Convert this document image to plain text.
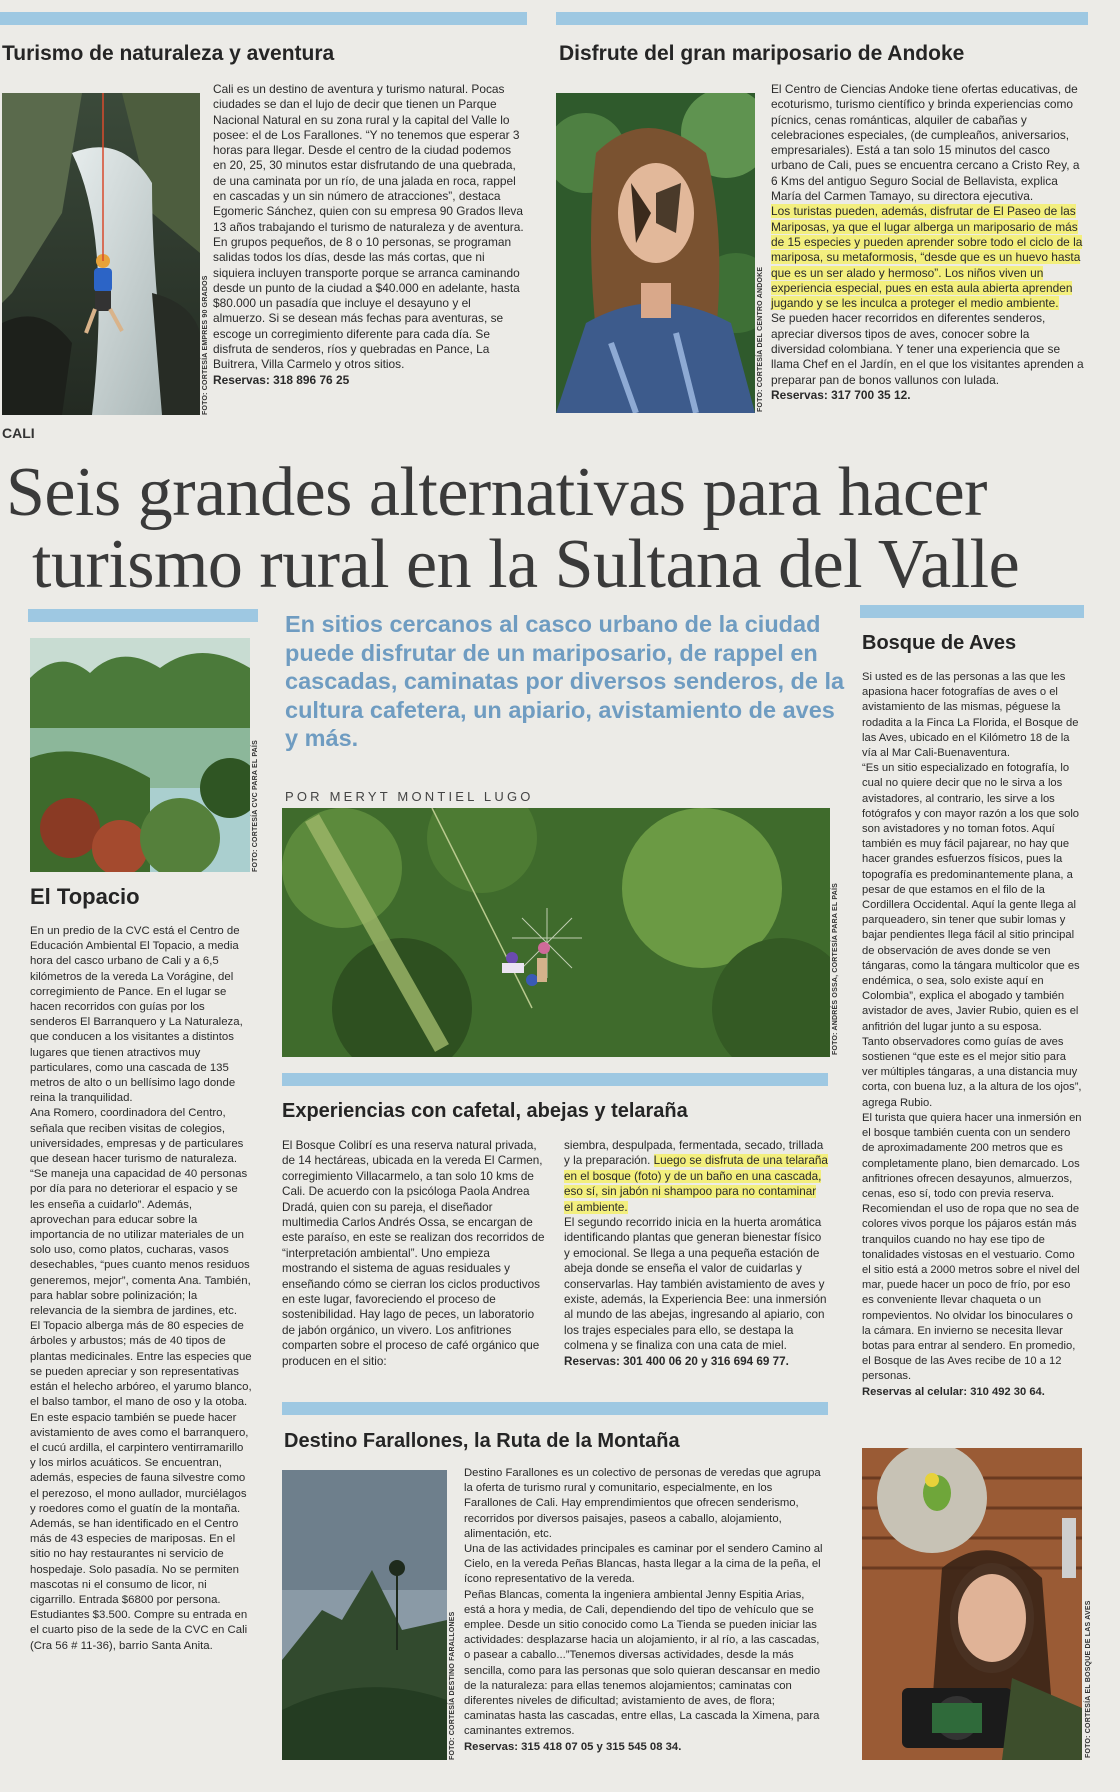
Turismo de naturaleza y aventura
FOTO: CORTESÍA EMPRES 90 GRADOS

Cali es un destino de aventura y turismo natural. Pocas ciudades se dan el lujo de decir que tienen un Parque Nacional Natural en su zona rural y la capital del Valle lo posee: el de Los Farallones. “Y no tenemos que esperar 3 horas para llegar. Desde el centro de la ciudad podemos en 20, 25, 30 minutos estar disfrutando de una quebrada, de una caminata por un río, de una jalada en roca, rappel en cascadas y un sin número de atracciones”, destaca Egomeric Sánchez, quien con su empresa 90 Grados lleva 13 años trabajando el turismo de naturaleza y de aventura.

En grupos pequeños, de 8 o 10 personas, se programan salidas todos los días, desde las más cortas, que ni siquiera incluyen transporte porque se arranca caminando desde un punto de la ciudad a $40.000 en adelante, hasta $80.000 un pasadía que incluye el desayuno y el almuerzo. Si se desean más fechas para aventuras, se escoge un corregimiento diferente para cada día. Se disfruta de senderos, ríos y quebradas en Pance, La Buitrera, Villa Carmelo y otros sitios.

Reservas: 318 896 76 25

Disfrute del gran mariposario de Andoke
FOTO: CORTESÍA DEL CENTRO ANDOKE

El Centro de Ciencias Andoke tiene ofertas educativas, de ecoturismo, turismo científico y brinda experiencias como pícnics, cenas románticas, alquiler de cabañas y celebraciones especiales, (de cumpleaños, aniversarios, empresariales). Está a tan solo 15 minutos del casco urbano de Cali, pues se encuentra cercano a Cristo Rey, a 6 Kms del antiguo Seguro Social de Bellavista, explica María del Carmen Tamayo, su directora ejecutiva.

Los turistas pueden, además, disfrutar de El Paseo de las Mariposas, ya que el lugar alberga un mariposario de más de 15 especies y pueden aprender sobre todo el ciclo de la mariposa, su metaformosis, “desde que es un huevo hasta que es un ser alado y hermoso”. Los niños viven un experiencia especial, pues en esta aula abierta aprenden jugando y se les inculca a proteger el medio ambiente.

Se pueden hacer recorridos en diferentes senderos, apreciar diversos tipos de aves, conocer sobre la diversidad colombiana. Y tener una experiencia que se llama Chef en el Jardín, en el que los visitantes aprenden a preparar pan de bonos vallunos con lulada.

Reservas: 317 700 35 12.

CALI
Seis grandes alternativas para hacer
turismo rural en la Sultana del Valle
En sitios cercanos al casco urbano de la ciudad puede disfrutar de un mariposario, de rappel en cascadas, caminatas por diversos senderos, de la cultura cafetera, un apiario, avistamiento de aves y más.
POR MERYT MONTIEL LUGO
FOTO: ANDRÉS OSSA, CORTESÍA PARA EL PAÍS
FOTO: CORTESÍA CVC PARA EL PAÍS
El Topacio

En un predio de la CVC está el Centro de Educación Ambiental El Topacio, a media hora del casco urbano de Cali y a 6,5 kilómetros de la vereda La Vorágine, del corregimiento de Pance. En el lugar se hacen recorridos con guías por los senderos El Barranquero y La Naturaleza, que conducen a los visitantes a distintos lugares que tienen atractivos muy particulares, como una cascada de 135 metros de alto o un bellísimo lago donde reina la tranquilidad.

Ana Romero, coordinadora del Centro, señala que reciben visitas de colegios, universidades, empresas y de particulares que desean hacer turismo de naturaleza.

“Se maneja una capacidad de 40 personas por día para no deteriorar el espacio y se les enseña a cuidarlo”. Además, aprovechan para educar sobre la importancia de no utilizar materiales de un solo uso, como platos, cucharas, vasos desechables, “pues cuanto menos residuos generemos, mejor”, comenta Ana. También, para hablar sobre polinización; la relevancia de la siembra de jardines, etc.

El Topacio alberga más de 80 especies de árboles y arbustos; más de 40 tipos de plantas medicinales. Entre las especies que se pueden apreciar y son representativas están el helecho arbóreo, el yarumo blanco, el balso tambor, el mano de oso y la otoba.

En este espacio también se puede hacer avistamiento de aves como el barranquero, el cucú ardilla, el carpintero ventirramarillo y los mirlos acuáticos. Se encuentran, además, especies de fauna silvestre como el perezoso, el mono aullador, murciélagos y roedores como el guatín de la montaña.

Además, se han identificado en el Centro más de 43 especies de mariposas. En el sitio no hay restaurantes ni servicio de hospedaje. Solo pasadía. No se permiten mascotas ni el consumo de licor, ni cigarrillo. Entrada $6800 por persona. Estudiantes $3.500. Compre su entrada en el cuarto piso de la sede de la CVC en Cali (Cra 56 # 11-36), barrio Santa Anita.

Experiencias con cafetal, abejas y telaraña

El Bosque Colibrí es una reserva natural privada, de 14 hectáreas, ubicada en la vereda El Carmen, corregimiento Villacarmelo, a tan solo 10 kms de Cali. De acuerdo con la psicóloga Paola Andrea Dradá, quien con su pareja, el diseñador multimedia Carlos Andrés Ossa, se encargan de este paraíso, en este se realizan dos recorridos de “interpretación ambiental”. Uno empieza mostrando el sistema de aguas residuales y enseñando cómo se cierran los ciclos productivos en este lugar, favoreciendo el proceso de sostenibilidad. Hay lago de peces, un laboratorio de jabón orgánico, un vivero. Los anfitriones comparten sobre el proceso de café orgánico que producen en el sitio:

siembra, despulpada, fermentada, secado, trillada y la preparación. Luego se disfruta de una telaraña en el bosque (foto) y de un baño en una cascada, eso sí, sin jabón ni shampoo para no contaminar el ambiente.

El segundo recorrido inicia en la huerta aromática identificando plantas que generan bienestar físico y emocional. Se llega a una pequeña estación de abeja donde se enseña el valor de cuidarlas y conservarlas. Hay también avistamiento de aves y existe, además, la Experiencia Bee: una inmersión al mundo de las abejas, ingresando al apiario, con los trajes especiales para ello, se destapa la colmena y se finaliza con una cata de miel.

Reservas: 301 400 06 20 y 316 694 69 77.

Destino Farallones, la Ruta de la Montaña
FOTO: CORTESÍA DESTINO FARALLONES

Destino Farallones es un colectivo de personas de veredas que agrupa la oferta de turismo rural y comunitario, especialmente, en los Farallones de Cali. Hay emprendimientos que ofrecen senderismo, recorridos por diversos paisajes, paseos a caballo, alojamiento, alimentación, etc.

Una de las actividades principales es caminar por el sendero Camino al Cielo, en la vereda Peñas Blancas, hasta llegar a la cima de la peña, el ícono representativo de la vereda.

Peñas Blancas, comenta la ingeniera ambiental Jenny Espitia Arias, está a hora y media, de Cali, dependiendo del tipo de vehículo que se emplee. Desde un sitio conocido como La Tienda se pueden iniciar las actividades: desplazarse hacia un alojamiento, ir al río, a las cascadas, o pasear a caballo...”Tenemos diversas actividades, desde la más sencilla, como para las personas que solo quieran descansar en medio de la naturaleza: para ellas tenemos alojamientos; caminatas con diferentes niveles de dificultad; avistamiento de aves, de flora; caminatas hasta las cascadas, entre ellas, La cascada la Ximena, para caminantes extremos.

Reservas: 315 418 07 05 y 315 545 08 34.

Bosque de Aves

Si usted es de las personas a las que les apasiona hacer fotografías de aves o el avistamiento de las mismas, péguese la rodadita a la Finca La Florida, el Bosque de las Aves, ubicado en el Kilómetro 18 de la vía al Mar Cali-Buenaventura.

“Es un sitio especializado en fotografía, lo cual no quiere decir que no le sirva a los avistadores, al contrario, les sirve a los fotógrafos y con mayor razón a los que solo son avistadores y no toman fotos. Aquí también es muy fácil pajarear, no hay que hacer grandes esfuerzos físicos, pues la topografía es predominantemente plana, a pesar de que estamos en el filo de la Cordillera Occidental. Aquí la gente llega al parqueadero, sin tener que subir lomas y bajar pendientes llega fácil al sitio principal de observación de aves donde se ven tángaras, como la tángara multicolor que es endémica, o sea, solo existe aquí en Colombia”, explica el abogado y también avistador de aves, Javier Rubio, quien es el anfitrión del lugar junto a su esposa.

Tanto observadores como guías de aves sostienen “que este es el mejor sitio para ver múltiples tángaras, a una distancia muy corta, con buena luz, a la altura de los ojos”, agrega Rubio.

El turista que quiera hacer una inmersión en el bosque también cuenta con un sendero de aproximadamente 200 metros que es completamente plano, bien demarcado. Los anfitriones ofrecen desayunos, almuerzos, cenas, eso sí, todo con previa reserva.

Recomiendan el uso de ropa que no sea de colores vivos porque los pájaros están más tranquilos cuando no hay ese tipo de tonalidades vistosas en el vestuario. Como el sitio está a 2000 metros sobre el nivel del mar, puede hacer un poco de frío, por eso es conveniente llevar chaqueta o un rompevientos. No olvidar los binoculares o la cámara. En invierno se necesita llevar botas para entrar al sendero. En promedio, el Bosque de las Aves recibe de 10 a 12 personas.

Reservas al celular: 310 492 30 64.

FOTO: CORTESÍA EL BOSQUE DE LAS AVES
